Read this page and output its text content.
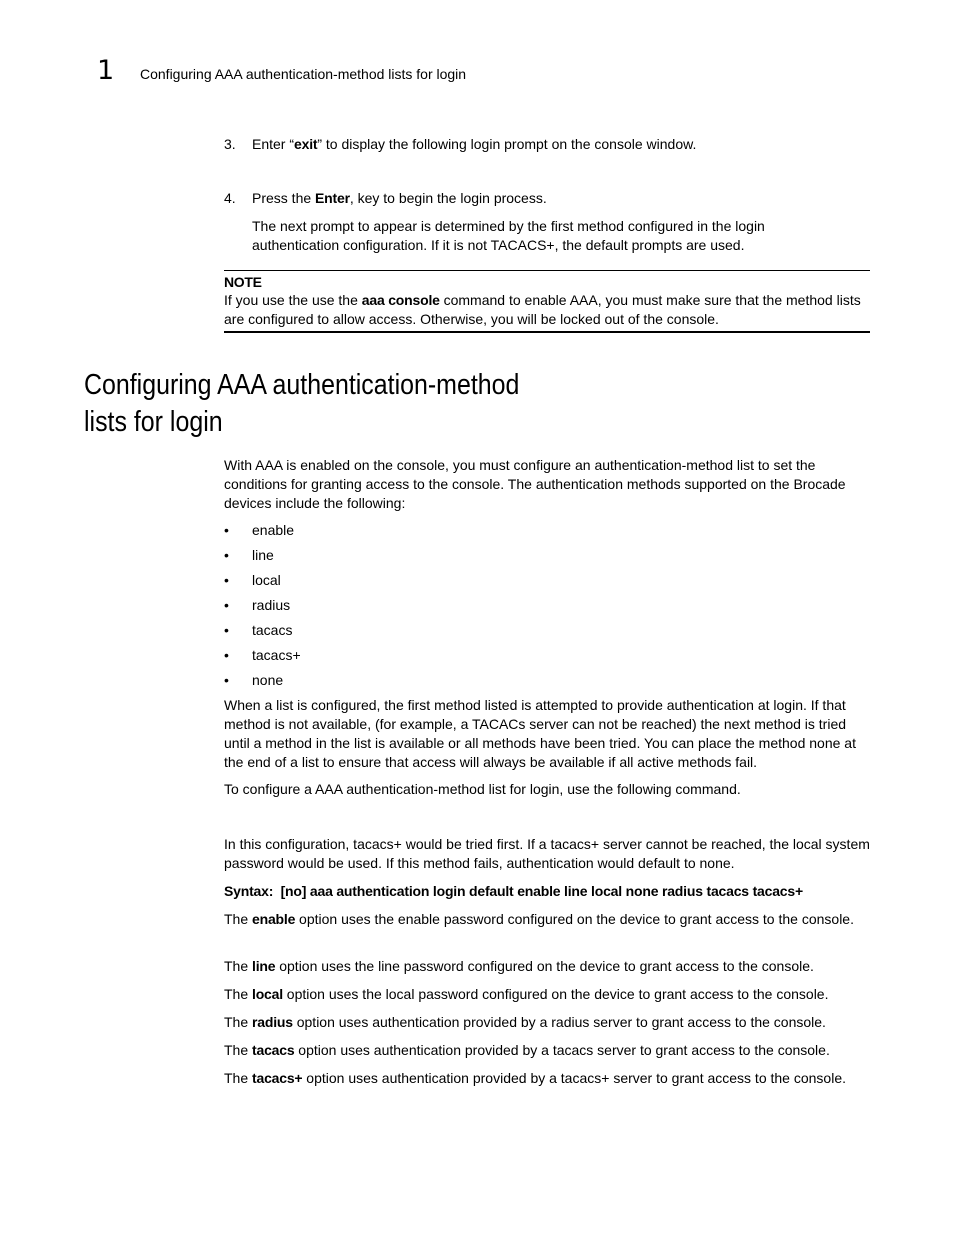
1 Configuring AAA authentication-method lists for login
3. Enter “exit” to display the following login prompt on the console window.
4. Press the Enter, key to begin the login process.
The next prompt to appear is determined by the first method configured in the login authentication configuration. If it is not TACACS+, the default prompts are used.
NOTE
If you use the use the aaa console command to enable AAA, you must make sure that the method lists are configured to allow access. Otherwise, you will be locked out of the console.
Configuring AAA authentication-method lists for login
With AAA is enabled on the console, you must configure an authentication-method list to set the conditions for granting access to the console. The authentication methods supported on the Brocade devices include the following:
• enable
• line
• local
• radius
• tacacs
• tacacs+
• none
When a list is configured, the first method listed is attempted to provide authentication at login. If that method is not available, (for example, a TACACs server can not be reached) the next method is tried until a method in the list is available or all methods have been tried. You can place the method none at the end of a list to ensure that access will always be available if all active methods fail.
To configure a AAA authentication-method list for login, use the following command.
In this configuration, tacacs+ would be tried first. If a tacacs+ server cannot be reached, the local system password would be used. If this method fails, authentication would default to none.
Syntax: [no] aaa authentication login default enable line local none radius tacacs tacacs+
The enable option uses the enable password configured on the device to grant access to the console.
The line option uses the line password configured on the device to grant access to the console.
The local option uses the local password configured on the device to grant access to the console.
The radius option uses authentication provided by a radius server to grant access to the console.
The tacacs option uses authentication provided by a tacacs server to grant access to the console.
The tacacs+ option uses authentication provided by a tacacs+ server to grant access to the console.
